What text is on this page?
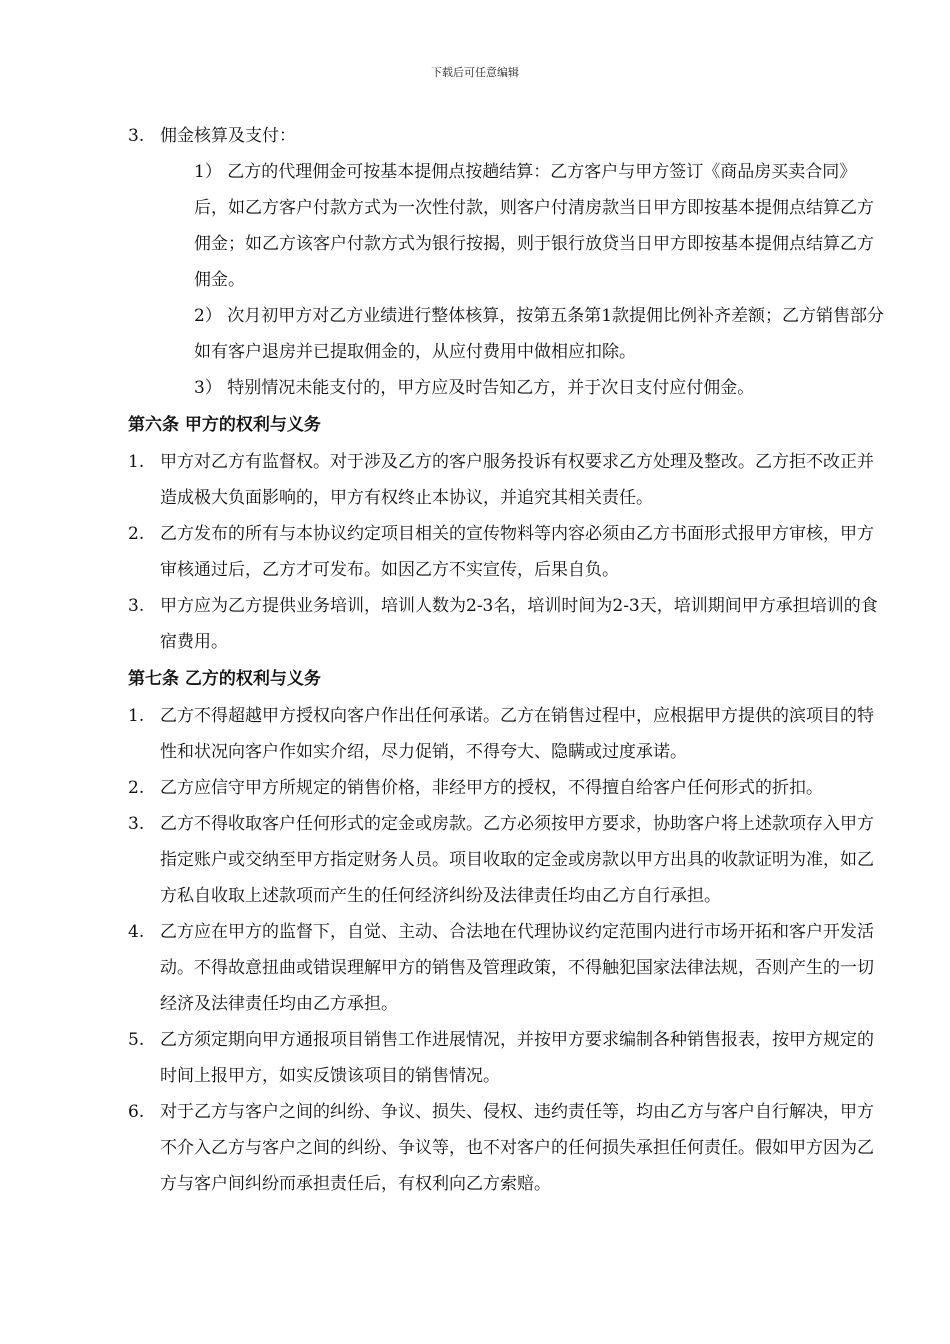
下载后可任意编辑
3. 佣金核算及支付：

1） 乙方的代理佣金可按基本提佣点按趟结算：乙方客户与甲方签订《商品房买卖合同》后，如乙方客户付款方式为一次性付款，则客户付清房款当日甲方即按基本提佣点结算乙方佣金；如乙方该客户付款方式为银行按揭，则于银行放贷当日甲方即按基本提佣点结算乙方佣金。

2） 次月初甲方对乙方业绩进行整体核算，按第五条第1款提佣比例补齐差额；乙方销售部分如有客户退房并已提取佣金的，从应付费用中做相应扣除。

3） 特别情况未能支付的，甲方应及时告知乙方，并于次日支付应付佣金。

第六条 甲方的权利与义务

1. 甲方对乙方有监督权。对于涉及乙方的客户服务投诉有权要求乙方处理及整改。乙方拒不改正并造成极大负面影响的，甲方有权终止本协议，并追究其相关责任。
2. 乙方发布的所有与本协议约定项目相关的宣传物料等内容必须由乙方书面形式报甲方审核，甲方审核通过后，乙方才可发布。如因乙方不实宣传，后果自负。
3. 甲方应为乙方提供业务培训，培训人数为2-3名，培训时间为2-3天，培训期间甲方承担培训的食宿费用。

第七条 乙方的权利与义务

1. 乙方不得超越甲方授权向客户作出任何承诺。乙方在销售过程中，应根据甲方提供的滨项目的特性和状况向客户作如实介绍，尽力促销，不得夸大、隐瞒或过度承诺。
2. 乙方应信守甲方所规定的销售价格，非经甲方的授权，不得擅自给客户任何形式的折扣。
3. 乙方不得收取客户任何形式的定金或房款。乙方必须按甲方要求，协助客户将上述款项存入甲方指定账户或交纳至甲方指定财务人员。项目收取的定金或房款以甲方出具的收款证明为准，如乙方私自收取上述款项而产生的任何经济纠纷及法律责任均由乙方自行承担。
4. 乙方应在甲方的监督下，自觉、主动、合法地在代理协议约定范围内进行市场开拓和客户开发活动。不得故意扭曲或错误理解甲方的销售及管理政策，不得触犯国家法律法规，否则产生的一切经济及法律责任均由乙方承担。
5. 乙方须定期向甲方通报项目销售工作进展情况，并按甲方要求编制各种销售报表，按甲方规定的时间上报甲方，如实反馈该项目的销售情况。
6. 对于乙方与客户之间的纠纷、争议、损失、侵权、违约责任等，均由乙方与客户自行解决，甲方不介入乙方与客户之间的纠纷、争议等，也不对客户的任何损失承担任何责任。假如甲方因为乙方与客户间纠纷而承担责任后，有权利向乙方索赔。
